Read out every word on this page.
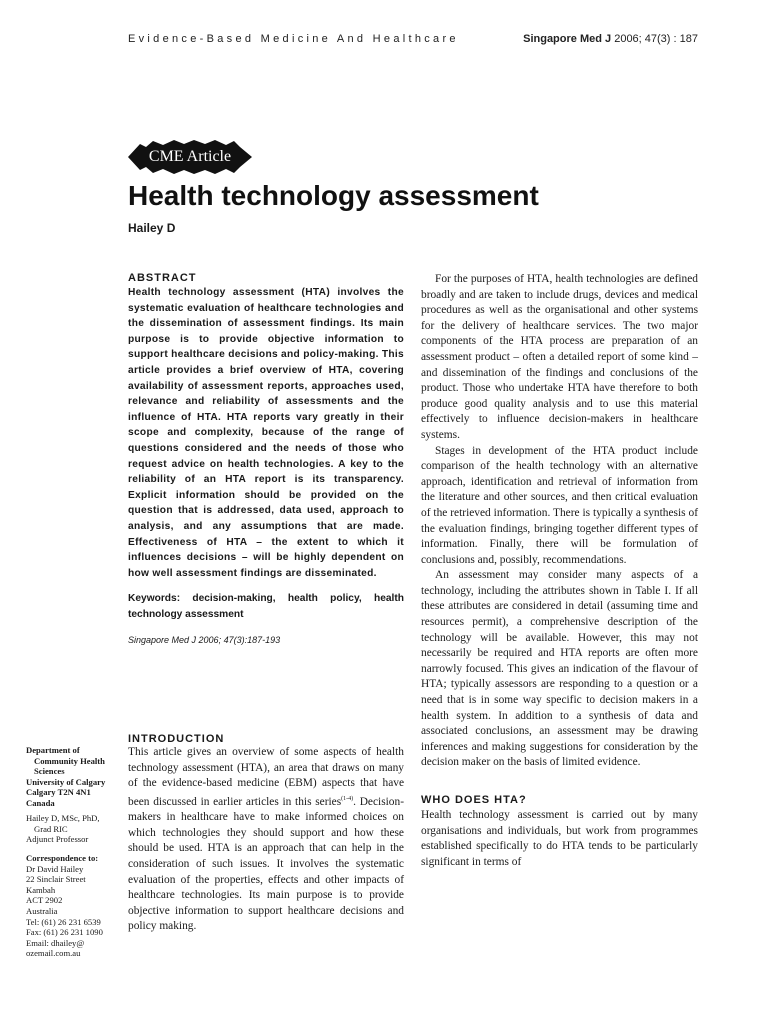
Evidence-Based Medicine And Healthcare	Singapore Med J 2006; 47(3) : 187
CME Article
Health technology assessment
Hailey D

ABSTRACT

Health technology assessment (HTA) involves the systematic evaluation of healthcare technologies and the dissemination of assessment findings. Its main purpose is to provide objective information to support healthcare decisions and policy-making. This article provides a brief overview of HTA, covering availability of assessment reports, approaches used, relevance and reliability of assessments and the influence of HTA. HTA reports vary greatly in their scope and complexity, because of the range of questions considered and the needs of those who request advice on health technologies. A key to the reliability of an HTA report is its transparency. Explicit information should be provided on the question that is addressed, data used, approach to analysis, and any assumptions that are made. Effectiveness of HTA – the extent to which it influences decisions – will be highly dependent on how well assessment findings are disseminated.

Keywords: decision-making, health policy, health technology assessment

Singapore Med J 2006; 47(3):187-193

INTRODUCTION

This article gives an overview of some aspects of health technology assessment (HTA), an area that draws on many of the evidence-based medicine (EBM) aspects that have been discussed in earlier articles in this series$^{(1-4)}$. Decision-makers in healthcare have to make informed choices on which technologies they should support and how these should be used. HTA is an approach that can help in the consideration of such issues. It involves the systematic evaluation of the properties, effects and other impacts of healthcare technologies. Its main purpose is to provide objective information to support healthcare decisions and policy making.

For the purposes of HTA, health technologies are defined broadly and are taken to include drugs, devices and medical procedures as well as the organisational and other systems for the delivery of healthcare services. The two major components of the HTA process are preparation of an assessment product – often a detailed report of some kind – and dissemination of the findings and conclusions of the product. Those who undertake HTA have therefore to both produce good quality analysis and to use this material effectively to influence decision-makers in healthcare systems.

Stages in development of the HTA product include comparison of the health technology with an alternative approach, identification and retrieval of information from the literature and other sources, and then critical evaluation of the retrieved information. There is typically a synthesis of the evaluation findings, bringing together different types of information. Finally, there will be formulation of conclusions and, possibly, recommendations.

An assessment may consider many aspects of a technology, including the attributes shown in Table I. If all these attributes are considered in detail (assuming time and resources permit), a comprehensive description of the technology will be available. However, this may not necessarily be required and HTA reports are often more narrowly focused. This gives an indication of the flavour of HTA; typically assessors are responding to a question or a need that is in some way specific to decision makers in a health system. In addition to a synthesis of data and associated conclusions, an assessment may be drawing inferences and making suggestions for consideration by the decision maker on the basis of limited evidence.

WHO DOES HTA?

Health technology assessment is carried out by many organisations and individuals, but work from programmes established specifically to do HTA tends to be particularly significant in terms of

Department of

Community Health

Sciences

University of Calgary

Calgary T2N 4N1

Canada

Hailey D, MSc, PhD,

Grad RIC

Adjunct Professor

Correspondence to:

Dr David Hailey

22 Sinclair Street

Kambah

ACT 2902

Australia

Tel: (61) 26 231 6539

Fax: (61) 26 231 1090

Email: dhailey@

ozemail.com.au
